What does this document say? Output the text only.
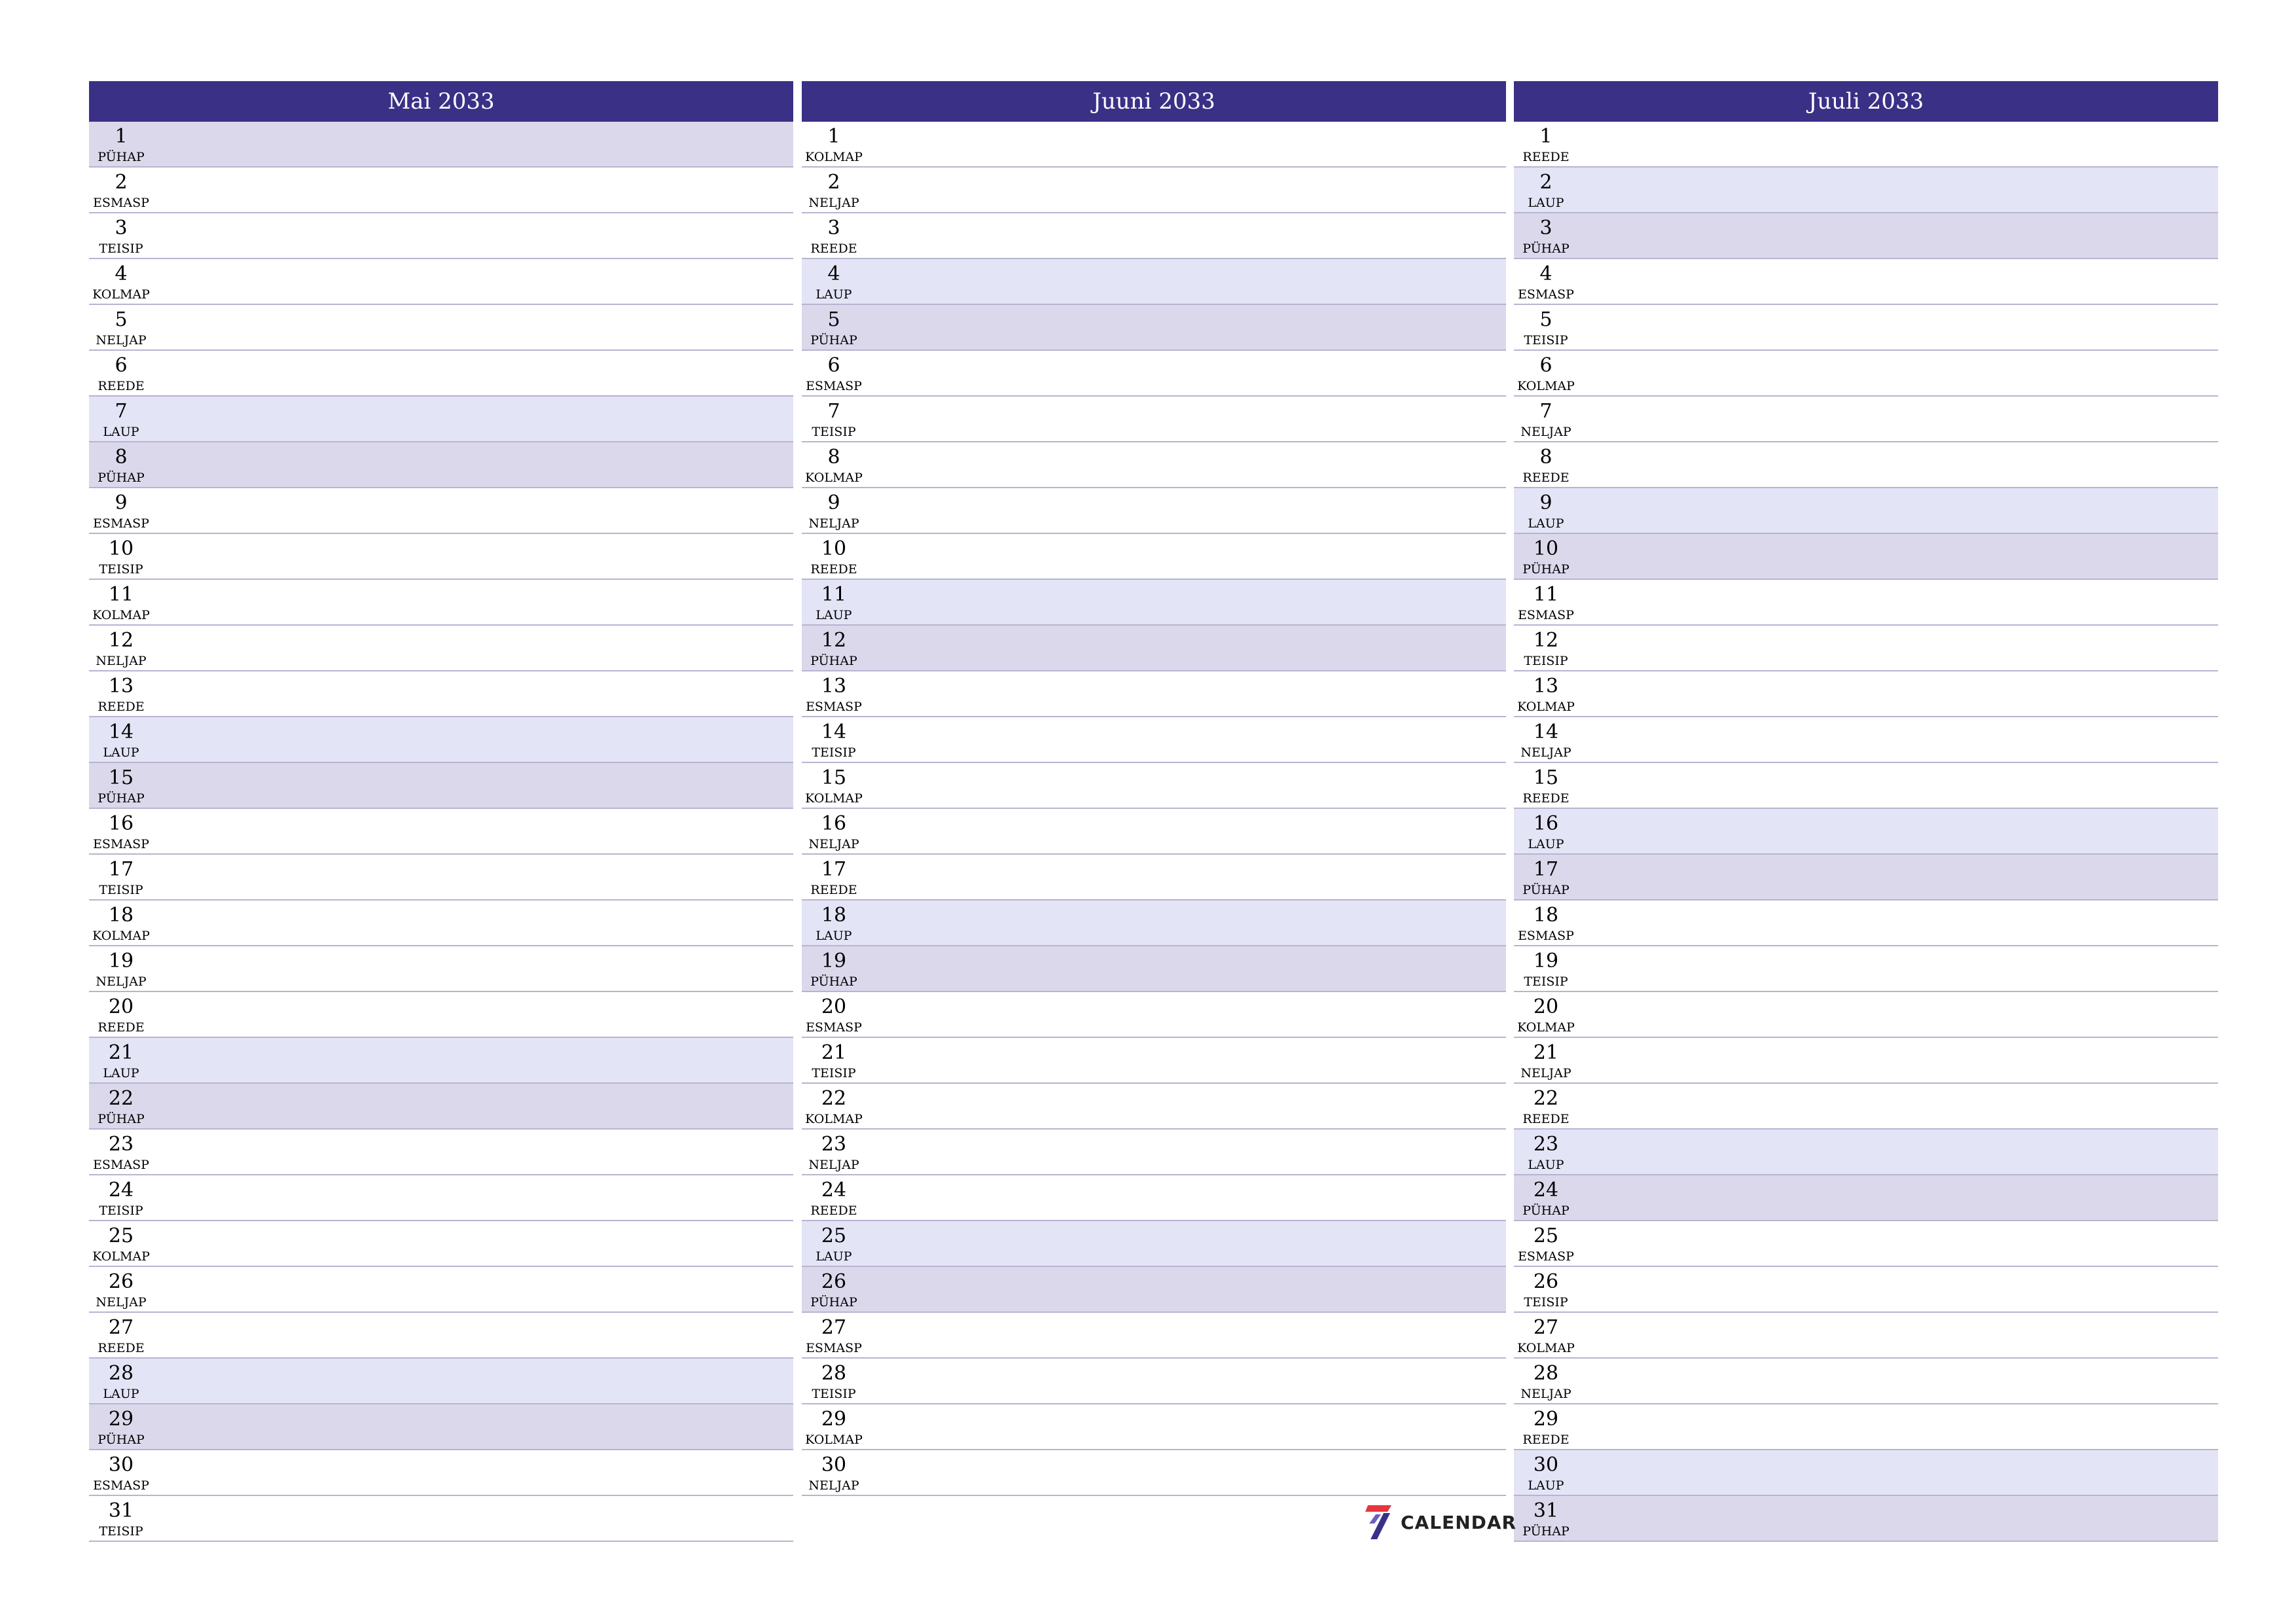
Mai 2033
1
PÜHAP
2
ESMASP
3
TEISIP
4
KOLMAP
5
NELJAP
6
REEDE
7
LAUP
8
PÜHAP
9
ESMASP
10
TEISIP
11
KOLMAP
12
NELJAP
13
REEDE
14
LAUP
15
PÜHAP
16
ESMASP
17
TEISIP
18
KOLMAP
19
NELJAP
20
REEDE
21
LAUP
22
PÜHAP
23
ESMASP
24
TEISIP
25
KOLMAP
26
NELJAP
27
REEDE
28
LAUP
29
PÜHAP
30
ESMASP
31
TEISIP
Juuni 2033
1
KOLMAP
2
NELJAP
3
REEDE
4
LAUP
5
PÜHAP
6
ESMASP
7
TEISIP
8
KOLMAP
9
NELJAP
10
REEDE
11
LAUP
12
PÜHAP
13
ESMASP
14
TEISIP
15
KOLMAP
16
NELJAP
17
REEDE
18
LAUP
19
PÜHAP
20
ESMASP
21
TEISIP
22
KOLMAP
23
NELJAP
24
REEDE
25
LAUP
26
PÜHAP
27
ESMASP
28
TEISIP
29
KOLMAP
30
NELJAP
Juuli 2033
1
REEDE
2
LAUP
3
PÜHAP
4
ESMASP
5
TEISIP
6
KOLMAP
7
NELJAP
8
REEDE
9
LAUP
10
PÜHAP
11
ESMASP
12
TEISIP
13
KOLMAP
14
NELJAP
15
REEDE
16
LAUP
17
PÜHAP
18
ESMASP
19
TEISIP
20
KOLMAP
21
NELJAP
22
REEDE
23
LAUP
24
PÜHAP
25
ESMASP
26
TEISIP
27
KOLMAP
28
NELJAP
29
REEDE
30
LAUP
31
PÜHAP
CALENDAR
